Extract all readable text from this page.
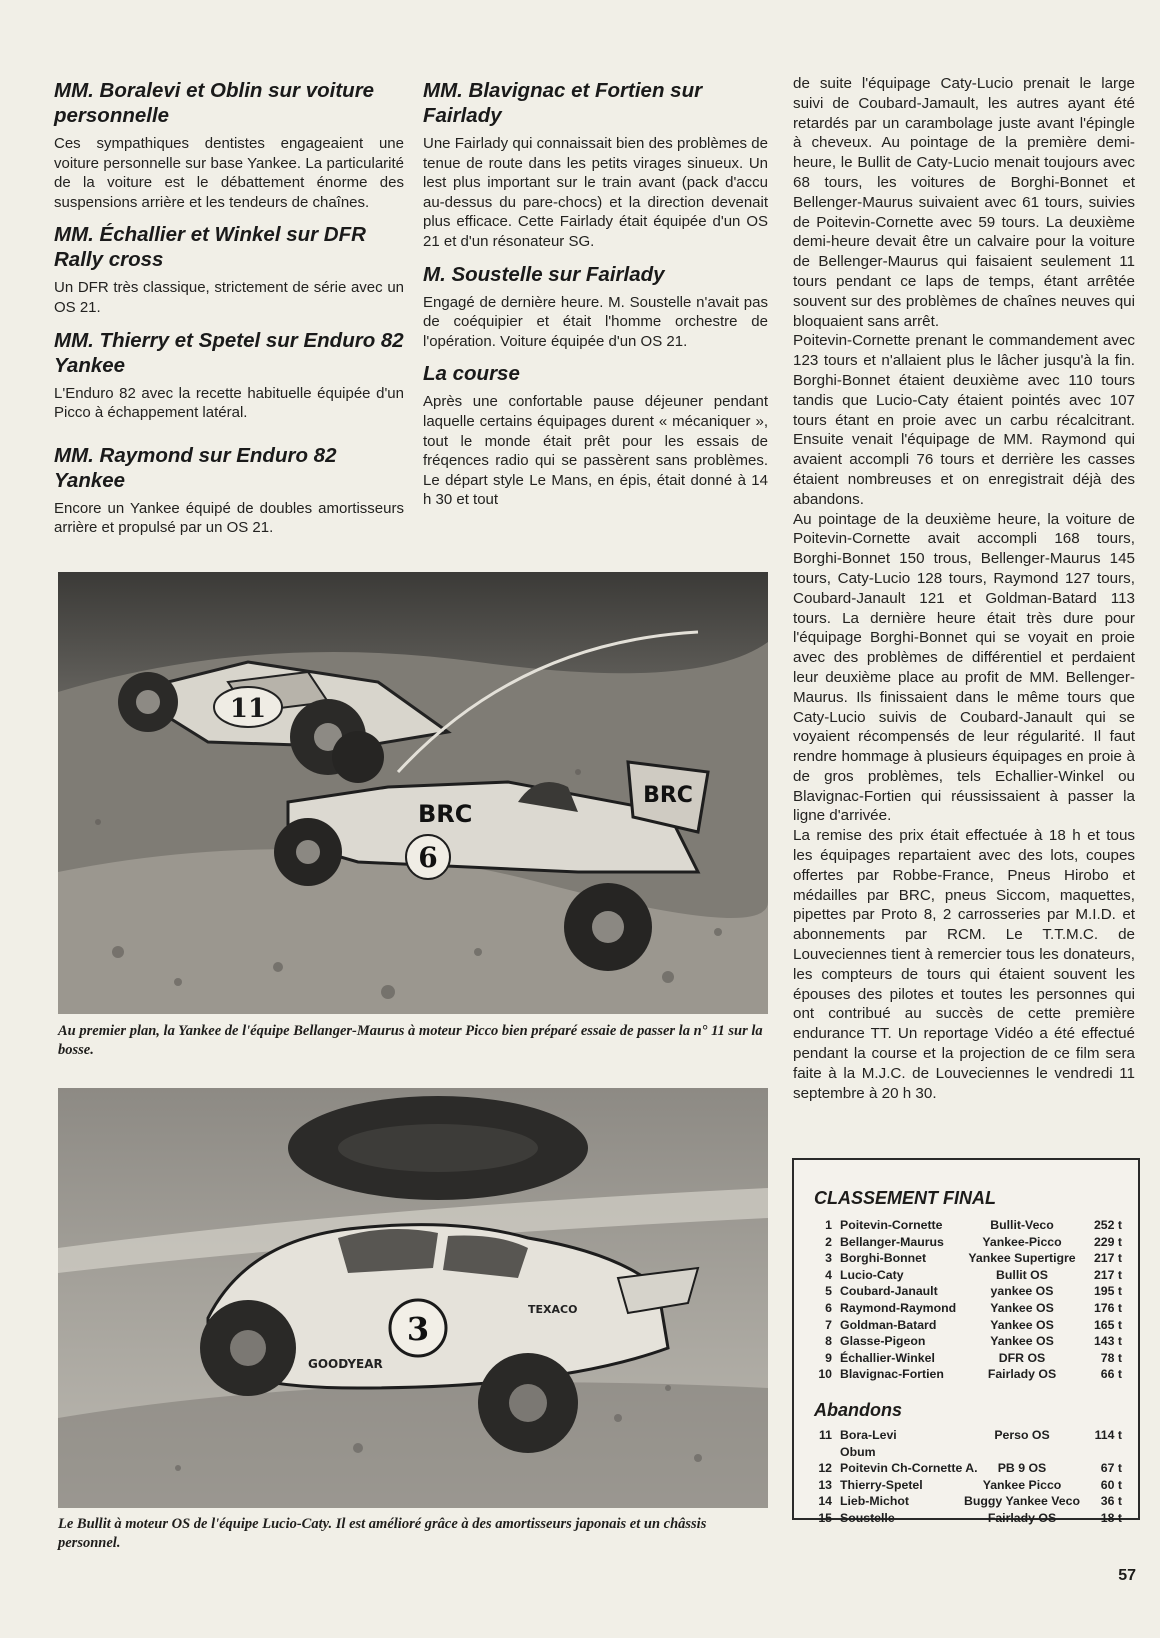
MM. Boralevi et Oblin sur voiture personnelle

Ces sympathiques dentistes engageaient une voiture personnelle sur base Yankee. La particularité de la voiture est le débattement énorme des suspensions arrière et les tendeurs de chaînes.

MM. Échallier et Winkel sur DFR Rally cross

Un DFR très classique, strictement de série avec un OS 21.

MM. Thierry et Spetel sur Enduro 82 Yankee

L'Enduro 82 avec la recette habituelle équipée d'un Picco à échappement latéral.

MM. Raymond sur Enduro 82 Yankee

Encore un Yankee équipé de doubles amortisseurs arrière et propulsé par un OS 21.

MM. Blavignac et Fortien sur Fairlady

Une Fairlady qui connaissait bien des problèmes de tenue de route dans les petits virages sinueux. Un lest plus important sur le train avant (pack d'accu au-dessus du pare-chocs) et la direction devenait plus efficace. Cette Fairlady était équipée d'un OS 21 et d'un résonateur SG.

M. Soustelle sur Fairlady

Engagé de dernière heure. M. Soustelle n'avait pas de coéquipier et était l'homme orchestre de l'opération. Voiture équipée d'un OS 21.

La course

Après une confortable pause déjeuner pendant laquelle certains équipages durent « mécaniquer », tout le monde était prêt pour les essais de fréqences radio qui se passèrent sans problèmes. Le départ style Le Mans, en épis, était donné à 14 h 30 et tout

de suite l'équipage Caty-Lucio prenait le large suivi de Coubard-Jamault, les autres ayant été retardés par un carambolage juste avant l'épingle à cheveux. Au pointage de la première demi-heure, le Bullit de Caty-Lucio menait toujours avec 68 tours, les voitures de Borghi-Bonnet et Bellenger-Maurus suivaient avec 61 tours, suivies de Poitevin-Cornette avec 59 tours. La deuxième demi-heure devait être un calvaire pour la voiture de Bellenger-Maurus qui faisaient seulement 11 tours pendant ce laps de temps, étant arrêtée souvent sur des problèmes de chaînes neuves qui bloquaient sans arrêt.

Poitevin-Cornette prenant le commandement avec 123 tours et n'allaient plus le lâcher jusqu'à la fin. Borghi-Bonnet étaient deuxième avec 110 tours tandis que Lucio-Caty étaient pointés avec 107 tours étant en proie avec un carbu récalcitrant. Ensuite venait l'équipage de MM. Raymond qui avaient accompli 76 tours et derrière les casses étaient nombreuses et on enregistrait déjà des abandons.

Au pointage de la deuxième heure, la voiture de Poitevin-Cornette avait accompli 168 tours, Borghi-Bonnet 150 trous, Bellenger-Maurus 145 tours, Caty-Lucio 128 tours, Raymond 127 tours, Coubard-Janault 121 et Goldman-Batard 113 tours. La dernière heure était très dure pour l'équipage Borghi-Bonnet qui se voyait en proie avec des problèmes de différentiel et perdaient leur deuxième place au profit de MM. Bellenger-Maurus. Ils finissaient dans le même tours que Caty-Lucio suivis de Coubard-Janault qui se voyaient récompensés de leur régularité. Il faut rendre hommage à plusieurs équipages en proie à de gros problèmes, tels Echallier-Winkel ou Blavignac-Fortien qui réussissaient à passer la ligne d'arrivée.

La remise des prix était effectuée à 18 h et tous les équipages repartaient avec des lots, coupes offertes par Robbe-France, Pneus Hirobo et médailles par BRC, pneus Siccom, maquettes, pipettes par Proto 8, 2 carrosseries par M.I.D. et abonnements par RCM. Le T.T.M.C. de Louveciennes tient à remercier tous les donateurs, les compteurs de tours qui étaient souvent les épouses des pilotes et toutes les personnes qui ont contribué au succès de cette première endurance TT. Un reportage Vidéo a été effectué pendant la course et la projection de ce film sera faite à la M.J.C. de Louveciennes le vendredi 11 septembre à 20 h 30.

11
BRC
BRC
6
Au premier plan, la Yankee de l'équipe Bellanger-Maurus à moteur Picco bien préparé essaie de passer la n° 11 sur la bosse.
3
TEXACO
GOODYEAR
Le Bullit à moteur OS de l'équipe Lucio-Caty. Il est amélioré grâce à des amortisseurs japonais et un châssis personnel.
CLASSEMENT FINAL
1 Poitevin-Cornette	Bullit-Veco	252 t
2 Bellanger-Maurus	Yankee-Picco	229 t
3 Borghi-Bonnet	Yankee Supertigre	217 t
4 Lucio-Caty	Bullit OS	217 t
5 Coubard-Janault	yankee OS	195 t
6 Raymond-Raymond	Yankee OS	176 t
7 Goldman-Batard	Yankee OS	165 t
8 Glasse-Pigeon	Yankee OS	143 t
9 Échallier-Winkel	DFR OS	78 t
10 Blavignac-Fortien	Fairlady OS	66 t
Abandons
11 Bora-Levi	Perso OS	114 t
Obum
12 Poitevin Ch-Cornette A.	PB 9 OS	67 t
13 Thierry-Spetel	Yankee Picco	60 t
14 Lieb-Michot	Buggy Yankee Veco 36 t
15 Soustelle	Fairlady OS	18 t
57
